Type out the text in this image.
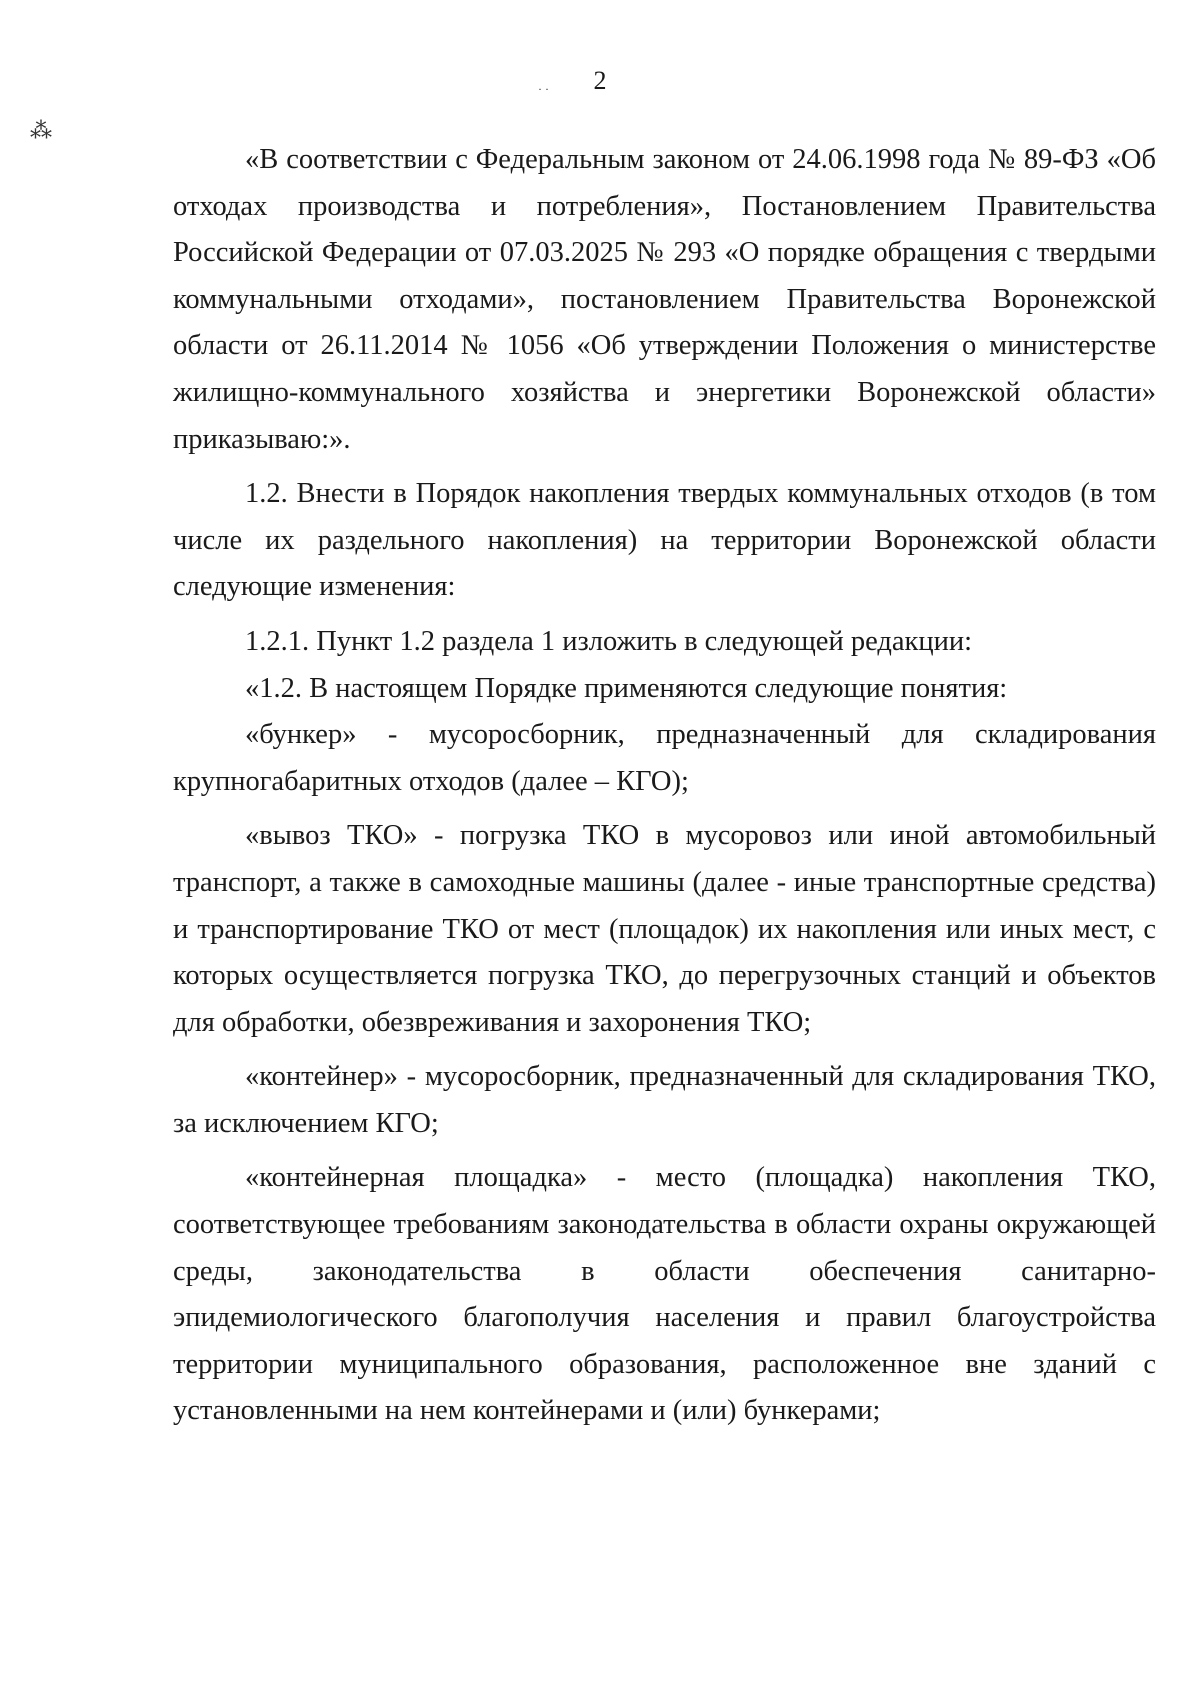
2
⁂
· ·

«В соответствии с Федеральным законом от 24.06.1998 года № 89-ФЗ «Об отходах производства и потребления», Постановлением Правительства Российской Федерации от 07.03.2025 № 293 «О порядке обращения с твердыми коммунальными отходами», постановлением Правительства Воронежской области от 26.11.2014 № 1056 «Об утверждении Положения о министерстве жилищно-коммунального хозяйства и энергетики Воронежской области» приказываю:».

1.2. Внести в Порядок накопления твердых коммунальных отходов (в том числе их раздельного накопления) на территории Воронежской области следующие изменения:

1.2.1. Пункт 1.2 раздела 1 изложить в следующей редакции:

«1.2. В настоящем Порядке применяются следующие понятия:

«бункер» - мусоросборник, предназначенный для складирования крупногабаритных отходов (далее – КГО);

«вывоз ТКО» - погрузка ТКО в мусоровоз или иной автомобильный транспорт, а также в самоходные машины (далее - иные транспортные средства) и транспортирование ТКО от мест (площадок) их накопления или иных мест, с которых осуществляется погрузка ТКО, до перегрузочных станций и объектов для обработки, обезвреживания и захоронения ТКО;

«контейнер» - мусоросборник, предназначенный для складирования ТКО, за исключением КГО;

«контейнерная площадка» - место (площадка) накопления ТКО, соответствующее требованиям законодательства в области охраны окружающей среды, законодательства в области обеспечения санитарно-эпидемиологического благополучия населения и правил благоустройства территории муниципального образования, расположенное вне зданий с установленными на нем контейнерами и (или) бункерами;
